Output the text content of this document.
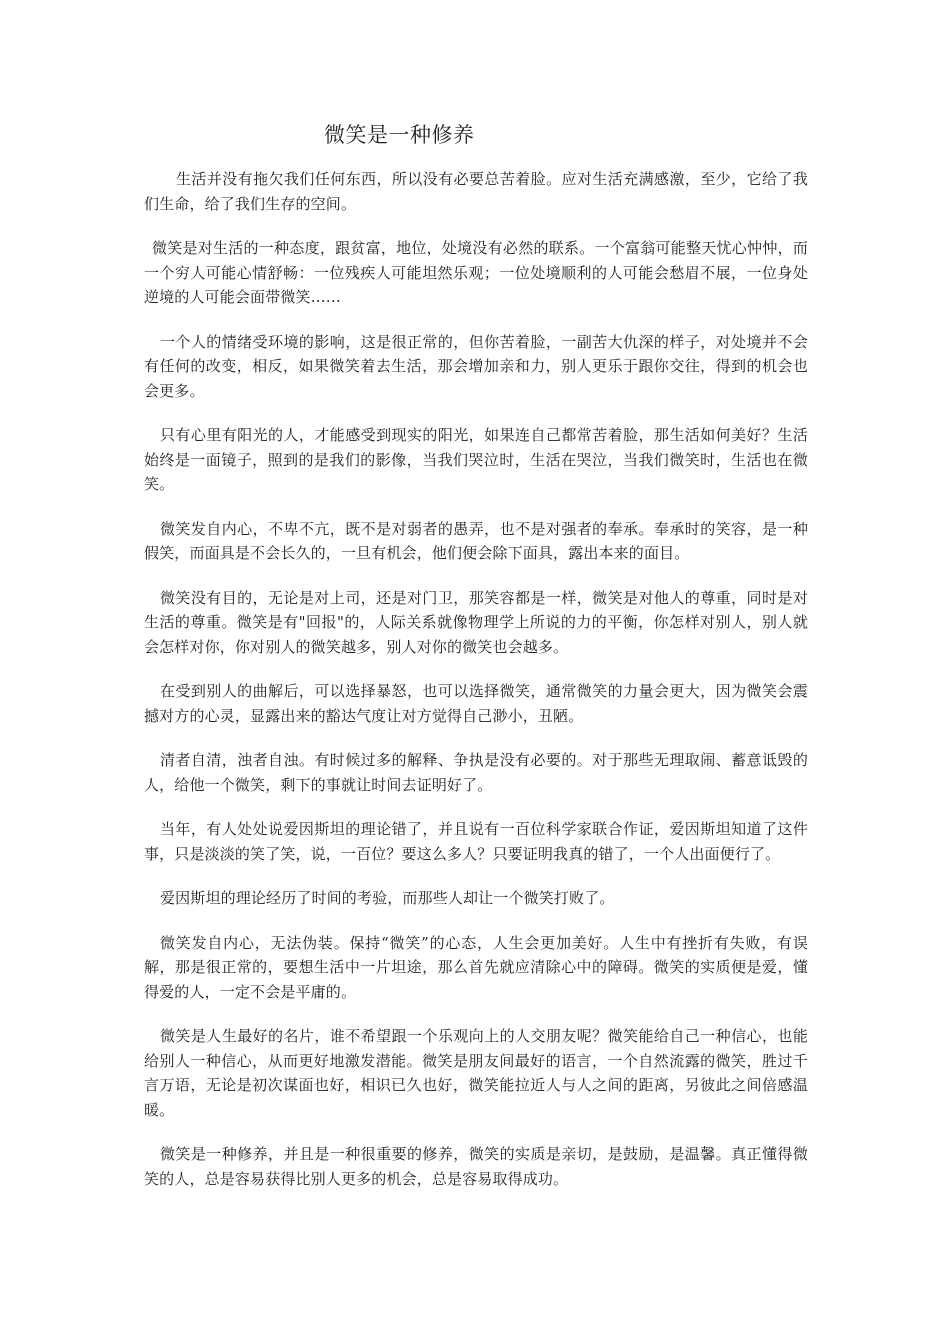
微笑是一种修养

生活并没有拖欠我们任何东西，所以没有必要总苦着脸。应对生活充满感激，至少，它给了我们生命，给了我们生存的空间。

微笑是对生活的一种态度，跟贫富，地位，处境没有必然的联系。一个富翁可能整天忧心忡忡，而一个穷人可能心情舒畅：一位残疾人可能坦然乐观；一位处境顺利的人可能会愁眉不展，一位身处逆境的人可能会面带微笑……

一个人的情绪受环境的影响，这是很正常的，但你苦着脸，一副苦大仇深的样子，对处境并不会有任何的改变，相反，如果微笑着去生活，那会增加亲和力，别人更乐于跟你交往，得到的机会也会更多。

只有心里有阳光的人，才能感受到现实的阳光，如果连自己都常苦着脸，那生活如何美好？生活始终是一面镜子，照到的是我们的影像，当我们哭泣时，生活在哭泣，当我们微笑时，生活也在微笑。

微笑发自内心，不卑不亢，既不是对弱者的愚弄，也不是对强者的奉承。奉承时的笑容，是一种假笑，而面具是不会长久的，一旦有机会，他们便会除下面具，露出本来的面目。

微笑没有目的，无论是对上司，还是对门卫，那笑容都是一样，微笑是对他人的尊重，同时是对生活的尊重。微笑是有"回报"的，人际关系就像物理学上所说的力的平衡，你怎样对别人，别人就会怎样对你，你对别人的微笑越多，别人对你的微笑也会越多。

在受到别人的曲解后，可以选择暴怒，也可以选择微笑，通常微笑的力量会更大，因为微笑会震撼对方的心灵，显露出来的豁达气度让对方觉得自己渺小，丑陋。

清者自清，浊者自浊。有时候过多的解释、争执是没有必要的。对于那些无理取闹、蓄意诋毁的人，给他一个微笑，剩下的事就让时间去证明好了。

当年，有人处处说爱因斯坦的理论错了，并且说有一百位科学家联合作证，爱因斯坦知道了这件事，只是淡淡的笑了笑，说，一百位？要这么多人？只要证明我真的错了，一个人出面便行了。

爱因斯坦的理论经历了时间的考验，而那些人却让一个微笑打败了。

微笑发自内心，无法伪装。保持“微笑”的心态，人生会更加美好。人生中有挫折有失败，有误解，那是很正常的，要想生活中一片坦途，那么首先就应清除心中的障碍。微笑的实质便是爱，懂得爱的人，一定不会是平庸的。

微笑是人生最好的名片，谁不希望跟一个乐观向上的人交朋友呢？微笑能给自己一种信心，也能给别人一种信心，从而更好地激发潜能。微笑是朋友间最好的语言，一个自然流露的微笑，胜过千言万语，无论是初次谋面也好，相识已久也好，微笑能拉近人与人之间的距离，另彼此之间倍感温暖。

微笑是一种修养，并且是一种很重要的修养，微笑的实质是亲切，是鼓励，是温馨。真正懂得微笑的人，总是容易获得比别人更多的机会，总是容易取得成功。
